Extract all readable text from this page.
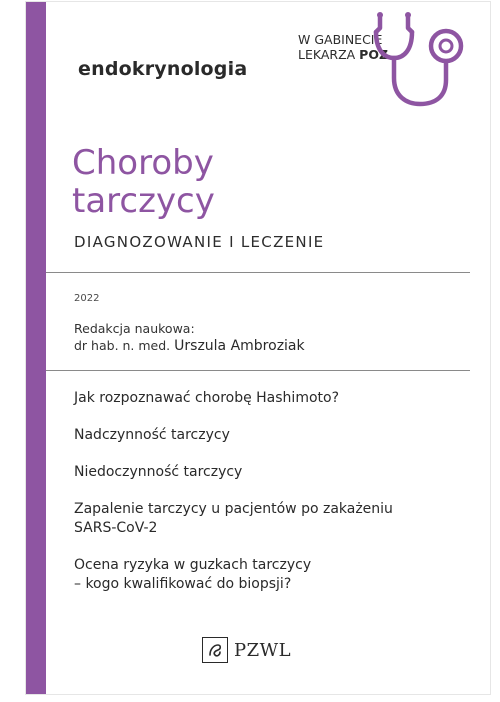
endokrynologia
W GABINECIE
LEKARZA POZ
Choroby
tarczycy
DIAGNOZOWANIE I LECZENIE
2022
Redakcja naukowa:
dr hab. n. med. Urszula Ambroziak
Jak rozpoznawać chorobę Hashimoto?
Nadczynność tarczycy
Niedoczynność tarczycy
Zapalenie tarczycy u pacjentów po zakażeniu
SARS-CoV-2
Ocena ryzyka w guzkach tarczycy
– kogo kwalifikować do biopsji?
PZWL
